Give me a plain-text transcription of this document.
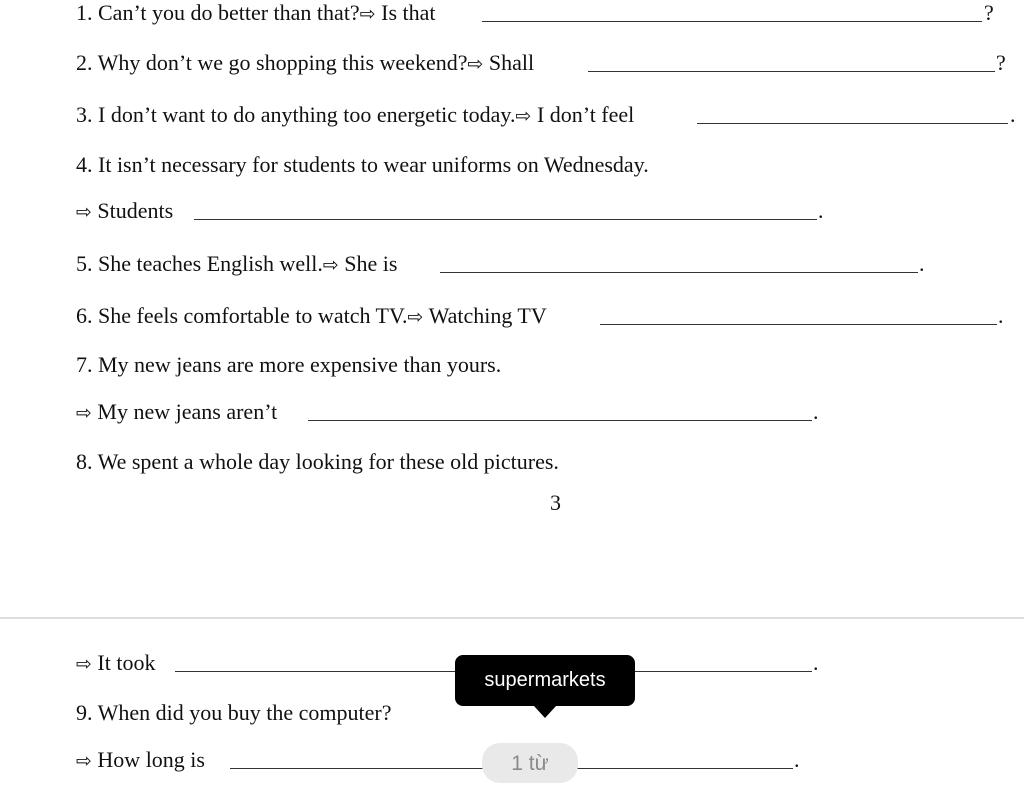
1. Can’t you do better than that?⇨ Is that	?
2. Why don’t we go shopping this weekend?⇨ Shall	?
3. I don’t want to do anything too energetic today.⇨ I don’t feel	.
4. It isn’t necessary for students to wear uniforms on Wednesday.
⇨ Students	.
5. She teaches English well.⇨ She is	.
6. She feels comfortable to watch TV.⇨ Watching TV	.
7. My new jeans are more expensive than yours.
⇨ My new jeans aren’t	.
8. We spent a whole day looking for these old pictures.
⇨ It took	.
9. When did you buy the computer?
⇨ How long is	.
3
supermarkets
1 từ
